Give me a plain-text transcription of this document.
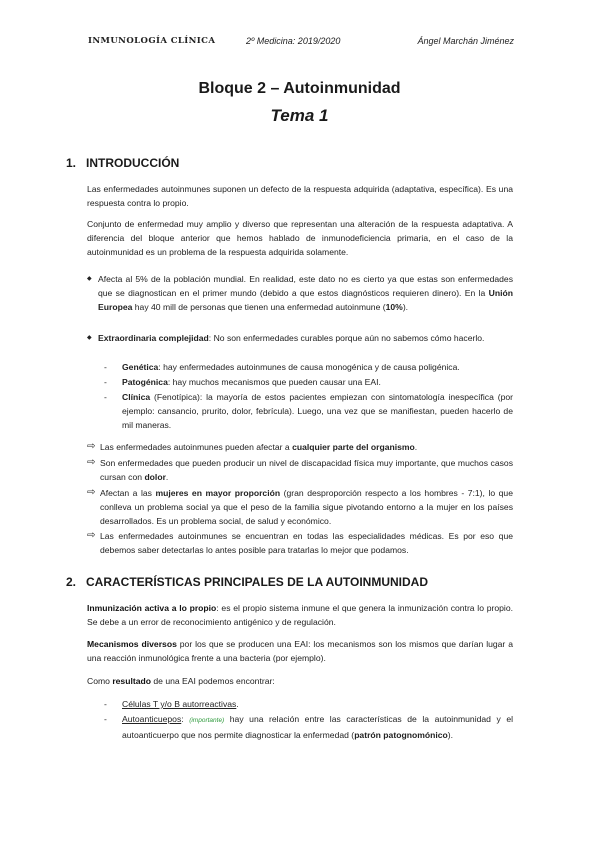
INMUNOLOGÍA CLÍNICA	2º Medicina: 2019/2020	Ángel Marchán Jiménez
Bloque 2 – Autoinmunidad
Tema 1
1. INTRODUCCIÓN
Las enfermedades autoinmunes suponen un defecto de la respuesta adquirida (adaptativa, específica). Es una respuesta contra lo propio.
Conjunto de enfermedad muy amplio y diverso que representan una alteración de la respuesta adaptativa. A diferencia del bloque anterior que hemos hablado de inmunodeficiencia primaria, en el caso de la autoinmunidad es un problema de la respuesta adquirida solamente.
◆ Afecta al 5% de la población mundial. En realidad, este dato no es cierto ya que estas son enfermedades que se diagnostican en el primer mundo (debido a que estos diagnósticos requieren dinero). En la Unión Europea hay 40 mill de personas que tienen una enfermedad autoinmune (10%).
◆ Extraordinaria complejidad: No son enfermedades curables porque aún no sabemos cómo hacerlo.
- Genética: hay enfermedades autoinmunes de causa monogénica y de causa poligénica.
- Patogénica: hay muchos mecanismos que pueden causar una EAI.
- Clínica (Fenotípica): la mayoría de estos pacientes empiezan con sintomatología inespecífica (por ejemplo: cansancio, prurito, dolor, febrícula). Luego, una vez que se manifiestan, pueden hacerlo de mil maneras.
⇨ Las enfermedades autoinmunes pueden afectar a cualquier parte del organismo.
⇨ Son enfermedades que pueden producir un nivel de discapacidad física muy importante, que muchos casos cursan con dolor.
⇨ Afectan a las mujeres en mayor proporción (gran desproporción respecto a los hombres - 7:1), lo que conlleva un problema social ya que el peso de la familia sigue pivotando entorno a la mujer en los países desarrollados. Es un problema social, de salud y económico.
⇨ Las enfermedades autoinmunes se encuentran en todas las especialidades médicas. Es por eso que debemos saber detectarlas lo antes posible para tratarlas lo mejor que podamos.
2. CARACTERÍSTICAS PRINCIPALES DE LA AUTOINMUNIDAD
Inmunización activa a lo propio: es el propio sistema inmune el que genera la inmunización contra lo propio. Se debe a un error de reconocimiento antigénico y de regulación.
Mecanismos diversos por los que se producen una EAI: los mecanismos son los mismos que darían lugar a una reacción inmunológica frente a una bacteria (por ejemplo).
Como resultado de una EAI podemos encontrar:
- Células T y/o B autorreactivas.
- Autoanticuepos: (importante) hay una relación entre las características de la autoinmunidad y el autoanticuerpo que nos permite diagnosticar la enfermedad (patrón patognomónico).
